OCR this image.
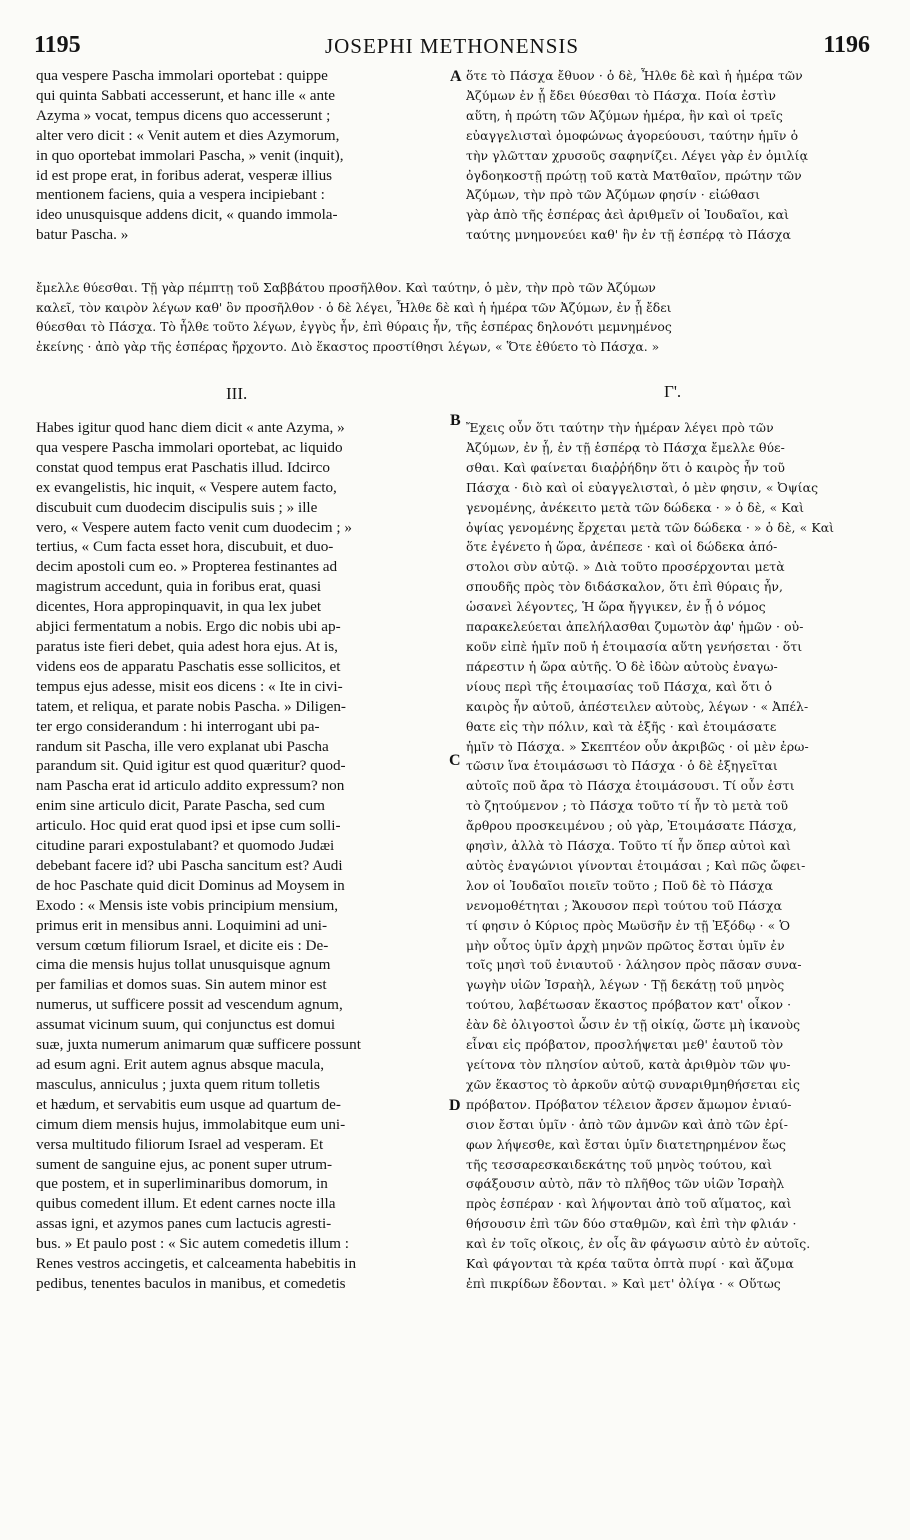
1195	JOSEPHI METHONENSIS	1196
qua vespere Pascha immolari oportebat : quippe
qui quinta Sabbati accesserunt, et hanc ille « ante
Azyma » vocat, tempus dicens quo accesserunt ;
alter vero dicit : « Venit autem et dies Azymorum,
in quo oportebat immolari Pascha, » venit (inquit),
id est prope erat, in foribus aderat, vesperæ illius
mentionem faciens, quia a vespera incipiebant :
ideo unusquisque addens dicit, « quando immola-
batur Pascha. »
A ὅτε τὸ Πάσχα ἔθυον · ὁ δὲ, Ἦλθε δὲ καὶ ἡ ἡμέρα τῶν
Ἀζύμων ἐν ᾗ ἔδει θύεσθαι τὸ Πάσχα. Ποία ἐστὶν
αὕτη, ἡ πρώτη τῶν Ἀζύμων ἡμέρα, ἣν καὶ οἱ τρεῖς
εὐαγγελισταὶ ὁμοφώνως ἀγορεύουσι, ταύτην ἡμῖν ὁ
τὴν γλῶτταν χρυσοῦς σαφηνίζει. Λέγει γὰρ ἐν ὁμιλίᾳ
ὀγδοηκοστῇ πρώτῃ τοῦ κατὰ Ματθαῖον, πρώτην τῶν
Ἀζύμων, τὴν πρὸ τῶν Ἀζύμων φησίν · εἰώθασι
γὰρ ἀπὸ τῆς ἑσπέρας ἀεὶ ἀριθμεῖν οἱ Ἰουδαῖοι, καὶ
ταύτης μνημονεύει καθ' ἣν ἐν τῇ ἑσπέρᾳ τὸ Πάσχα
ἔμελλε θύεσθαι. Τῇ γὰρ πέμπτῃ τοῦ Σαββάτου προσῆλθον. Καὶ ταύτην, ὁ μὲν, τὴν πρὸ τῶν Ἀζύμων
καλεῖ, τὸν καιρὸν λέγων καθ' ὃν προσῆλθον · ὁ δὲ λέγει, Ἦλθε δὲ καὶ ἡ ἡμέρα τῶν Ἀζύμων, ἐν ᾗ ἔδει
θύεσθαι τὸ Πάσχα. Τὸ ἦλθε τοῦτο λέγων, ἐγγὺς ἦν, ἐπὶ θύραις ἦν, τῆς ἑσπέρας δηλονότι μεμνημένος
ἐκείνης · ἀπὸ γὰρ τῆς ἑσπέρας ἤρχοντο. Διὸ ἕκαστος προστίθησι λέγων, « Ὅτε ἐθύετο τὸ Πάσχα. »
III.	Γ'.
Habes igitur quod hanc diem dicit « ante Azyma, »
qua vespere Pascha immolari oportebat, ac liquido
constat quod tempus erat Paschatis illud. Idcirco
ex evangelistis, hic inquit, « Vespere autem facto,
discubuit cum duodecim discipulis suis ; » ille
vero, « Vespere autem facto venit cum duodecim ; »
tertius, « Cum facta esset hora, discubuit, et duo-
decim apostoli cum eo. » Propterea festinantes ad
magistrum accedunt, quia in foribus erat, quasi
dicentes, Hora appropinquavit, in qua lex jubet
abjici fermentatum a nobis. Ergo dic nobis ubi ap-
paratus iste fieri debet, quia adest hora ejus. At is,
videns eos de apparatu Paschatis esse sollicitos, et
tempus ejus adesse, misit eos dicens : « Ite in civi-
tatem, et reliqua, et parate nobis Pascha. » Diligen-
ter ergo considerandum : hi interrogant ubi pa-
randum sit Pascha, ille vero explanat ubi Pascha
parandum sit. Quid igitur est quod quæritur? quod-
nam Pascha erat id articulo addito expressum? non
enim sine articulo dicit, Parate Pascha, sed cum
articulo. Hoc quid erat quod ipsi et ipse cum solli-
citudine parari expostulabant? et quomodo Judæi
debebant facere id? ubi Pascha sancitum est? Audi
de hoc Paschate quid dicit Dominus ad Moysem in
Exodo : « Mensis iste vobis principium mensium,
primus erit in mensibus anni. Loquimini ad uni-
versum cœtum filiorum Israel, et dicite eis : De-
cima die mensis hujus tollat unusquisque agnum
per familias et domos suas. Sin autem minor est
numerus, ut sufficere possit ad vescendum agnum,
assumat vicinum suum, qui conjunctus est domui
suæ, juxta numerum animarum quæ sufficere possunt
ad esum agni. Erit autem agnus absque macula,
masculus, anniculus ; juxta quem ritum tolletis
et hædum, et servabitis eum usque ad quartum de-
cimum diem mensis hujus, immolabitque eum uni-
versa multitudo filiorum Israel ad vesperam. Et
sument de sanguine ejus, ac ponent super utrum-
que postem, et in superliminaribus domorum, in
quibus comedent illum. Et edent carnes nocte illa
assas igni, et azymos panes cum lactucis agresti-
bus. » Et paulo post : « Sic autem comedetis illum :
Renes vestros accingetis, et calceamenta habebitis in
pedibus, tenentes baculos in manibus, et comedetis
Ἔχεις οὖν ὅτι ταύτην τὴν ἡμέραν λέγει πρὸ τῶν
Ἀζύμων, ἐν ᾗ, ἐν τῇ ἑσπέρᾳ τὸ Πάσχα ἔμελλε θύε-
σθαι. Καὶ φαίνεται διαῤῥήδην ὅτι ὁ καιρὸς ἦν τοῦ
Πάσχα · διὸ καὶ οἱ εὐαγγελισταὶ, ὁ μὲν φησιν, « Ὀψίας
γενομένης, ἀνέκειτο μετὰ τῶν δώδεκα · » ὁ δὲ, « Καὶ
ὀψίας γενομένης ἔρχεται μετὰ τῶν δώδεκα · » ὁ δὲ, « Καὶ
ὅτε ἐγένετο ἡ ὥρα, ἀνέπεσε · καὶ οἱ δώδεκα ἀπό-
στολοι σὺν αὐτῷ. » Διὰ τοῦτο προσέρχονται μετὰ
σπουδῆς πρὸς τὸν διδάσκαλον, ὅτι ἐπὶ θύραις ἦν,
ὡσανεὶ λέγοντες, Ἡ ὥρα ἤγγικεν, ἐν ᾗ ὁ νόμος
παρακελεύεται ἀπελήλασθαι ζυμωτὸν ἀφ' ἡμῶν · οὐ-
κοῦν εἰπὲ ἡμῖν ποῦ ἡ ἑτοιμασία αὕτη γενήσεται · ὅτι
πάρεστιν ἡ ὥρα αὐτῆς. Ὁ δὲ ἰδὼν αὐτοὺς ἐναγω-
νίους περὶ τῆς ἑτοιμασίας τοῦ Πάσχα, καὶ ὅτι ὁ
καιρὸς ἦν αὐτοῦ, ἀπέστειλεν αὐτοὺς, λέγων · « Ἀπέλ-
θατε εἰς τὴν πόλιν, καὶ τὰ ἑξῆς · καὶ ἑτοιμάσατε
ἡμῖν τὸ Πάσχα. » Σκεπτέον οὖν ἀκριβῶς · οἱ μὲν ἐρω-
τῶσιν ἵνα ἑτοιμάσωσι τὸ Πάσχα · ὁ δὲ ἐξηγεῖται
αὐτοῖς ποῦ ἄρα τὸ Πάσχα ἑτοιμάσουσι. Τί οὖν ἐστι
τὸ ζητούμενον ; τὸ Πάσχα τοῦτο τί ἦν τὸ μετὰ τοῦ
ἄρθρου προσκειμένου ; οὐ γὰρ, Ἑτοιμάσατε Πάσχα,
φησὶν, ἀλλὰ τὸ Πάσχα. Τοῦτο τί ἦν ὅπερ αὐτοὶ καὶ
αὐτὸς ἐναγώνιοι γίνονται ἑτοιμάσαι ; Καὶ πῶς ὤφει-
λον οἱ Ἰουδαῖοι ποιεῖν τοῦτο ; Ποῦ δὲ τὸ Πάσχα
νενομοθέτηται ; Ἄκουσον περὶ τούτου τοῦ Πάσχα
τί φησιν ὁ Κύριος πρὸς Μωϋσῆν ἐν τῇ Ἐξόδῳ · « Ὁ
μὴν οὗτος ὑμῖν ἀρχὴ μηνῶν πρῶτος ἔσται ὑμῖν ἐν
τοῖς μησὶ τοῦ ἐνιαυτοῦ · λάλησον πρὸς πᾶσαν συνα-
γωγὴν υἱῶν Ἰσραὴλ, λέγων · Τῇ δεκάτῃ τοῦ μηνὸς
τούτου, λαβέτωσαν ἕκαστος πρόβατον κατ' οἶκον ·
ἐὰν δὲ ὀλιγοστοὶ ὦσιν ἐν τῇ οἰκίᾳ, ὥστε μὴ ἱκανοὺς
εἶναι εἰς πρόβατον, προσλήψεται μεθ' ἑαυτοῦ τὸν
γείτονα τὸν πλησίον αὐτοῦ, κατὰ ἀριθμὸν τῶν ψυ-
χῶν ἕκαστος τὸ ἀρκοῦν αὐτῷ συναριθμηθήσεται εἰς
πρόβατον. Πρόβατον τέλειον ἄρσεν ἄμωμον ἐνιαύ-
σιον ἔσται ὑμῖν · ἀπὸ τῶν ἀμνῶν καὶ ἀπὸ τῶν ἐρί-
φων λήψεσθε, καὶ ἔσται ὑμῖν διατετηρημένον ἕως
τῆς τεσσαρεσκαιδεκάτης τοῦ μηνὸς τούτου, καὶ
σφάξουσιν αὐτὸ, πᾶν τὸ πλῆθος τῶν υἱῶν Ἰσραὴλ
πρὸς ἑσπέραν · καὶ λήψονται ἀπὸ τοῦ αἵματος, καὶ
θήσουσιν ἐπὶ τῶν δύο σταθμῶν, καὶ ἐπὶ τὴν φλιάν ·
καὶ ἐν τοῖς οἴκοις, ἐν οἷς ἂν φάγωσιν αὐτὸ ἐν αὐτοῖς.
Καὶ φάγονται τὰ κρέα ταῦτα ὀπτὰ πυρί · καὶ ἄζυμα
ἐπὶ πικρίδων ἔδονται. » Καὶ μετ' ὀλίγα · « Οὕτως
B
C
D
